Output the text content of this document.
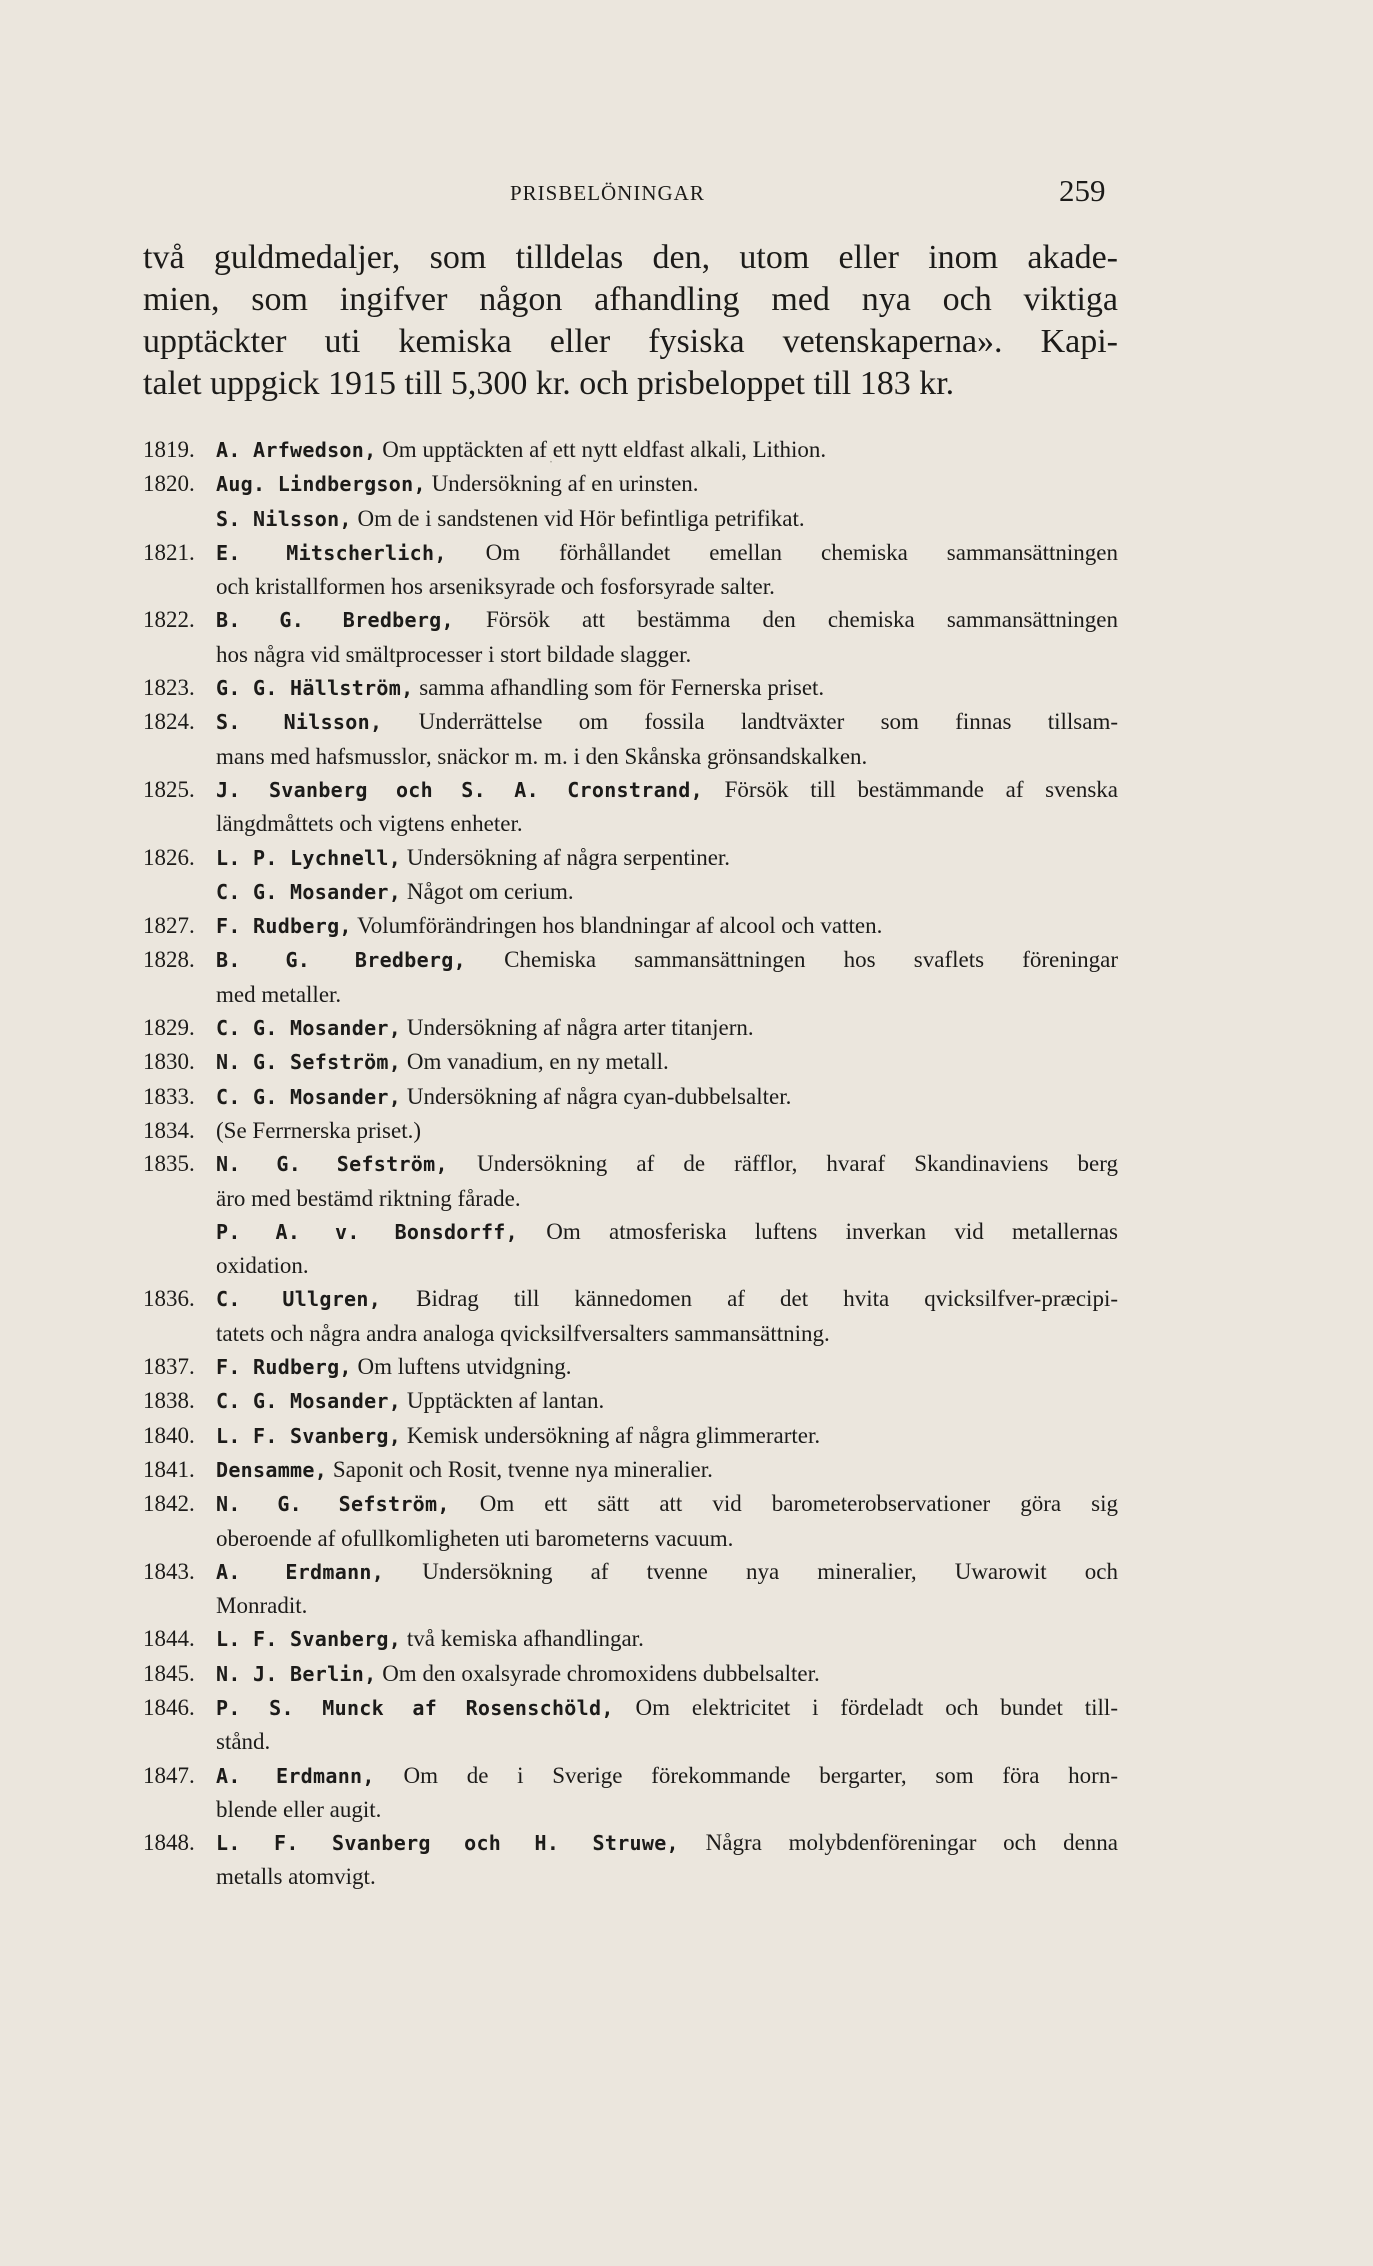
PRISBELÖNINGAR	259
två guldmedaljer, som tilldelas den, utom eller inom akade-
mien, som ingifver någon afhandling med nya och viktiga
upptäckter uti kemiska eller fysiska vetenskaperna». Kapi-
talet uppgick 1915 till 5,300 kr. och prisbeloppet till 183 kr.
1819.	A. Arfwedson, Om upptäckten af ett nytt eldfast alkali, Lithion.
1820.	Aug. Lindbergson, Undersökning af en urinsten.
S. Nilsson, Om de i sandstenen vid Hör befintliga petrifikat.
1821.	E. Mitscherlich, Om förhållandet emellan chemiska sammansättningen
och kristallformen hos arseniksyrade och fosforsyrade salter.
1822.	B. G. Bredberg, Försök att bestämma den chemiska sammansättningen
hos några vid smältprocesser i stort bildade slagger.
1823.	G. G. Hällström, samma afhandling som för Fernerska priset.
1824.	S. Nilsson, Underrättelse om fossila landtväxter som finnas tillsam-
mans med hafsmusslor, snäckor m. m. i den Skånska grönsandskalken.
1825.	J. Svanberg och S. A. Cronstrand, Försök till bestämmande af svenska
längdmåttets och vigtens enheter.
1826.	L. P. Lychnell, Undersökning af några serpentiner.
C. G. Mosander, Något om cerium.
1827.	F. Rudberg, Volumförändringen hos blandningar af alcool och vatten.
1828.	B. G. Bredberg, Chemiska sammansättningen hos svaflets föreningar
med metaller.
1829.	C. G. Mosander, Undersökning af några arter titanjern.
1830.	N. G. Sefström, Om vanadium, en ny metall.
1833.	C. G. Mosander, Undersökning af några cyan-dubbelsalter.
1834. (Se Ferrnerska priset.)
1835.	N. G. Sefström, Undersökning af de räfflor, hvaraf Skandinaviens berg
äro med bestämd riktning fårade.
P. A. v. Bonsdorff, Om atmosferiska luftens inverkan vid metallernas
oxidation.
1836.	C. Ullgren, Bidrag till kännedomen af det hvita qvicksilfver-præcipi-
tatets och några andra analoga qvicksilfversalters sammansättning.
1837.	F. Rudberg, Om luftens utvidgning.
1838.	C. G. Mosander, Upptäckten af lantan.
1840.	L. F. Svanberg, Kemisk undersökning af några glimmerarter.
1841.	Densamme, Saponit och Rosit, tvenne nya mineralier.
1842.	N. G. Sefström, Om ett sätt att vid barometerobservationer göra sig
oberoende af ofullkomligheten uti barometerns vacuum.
1843.	A. Erdmann, Undersökning af tvenne nya mineralier, Uwarowit och
Monradit.
1844.	L. F. Svanberg, två kemiska afhandlingar.
1845.	N. J. Berlin, Om den oxalsyrade chromoxidens dubbelsalter.
1846.	P. S. Munck af Rosenschöld, Om elektricitet i fördeladt och bundet till-
stånd.
1847.	A. Erdmann, Om de i Sverige förekommande bergarter, som föra horn-
blende eller augit.
1848.	L. F. Svanberg och H. Struwe, Några molybdenföreningar och denna
metalls atomvigt.
